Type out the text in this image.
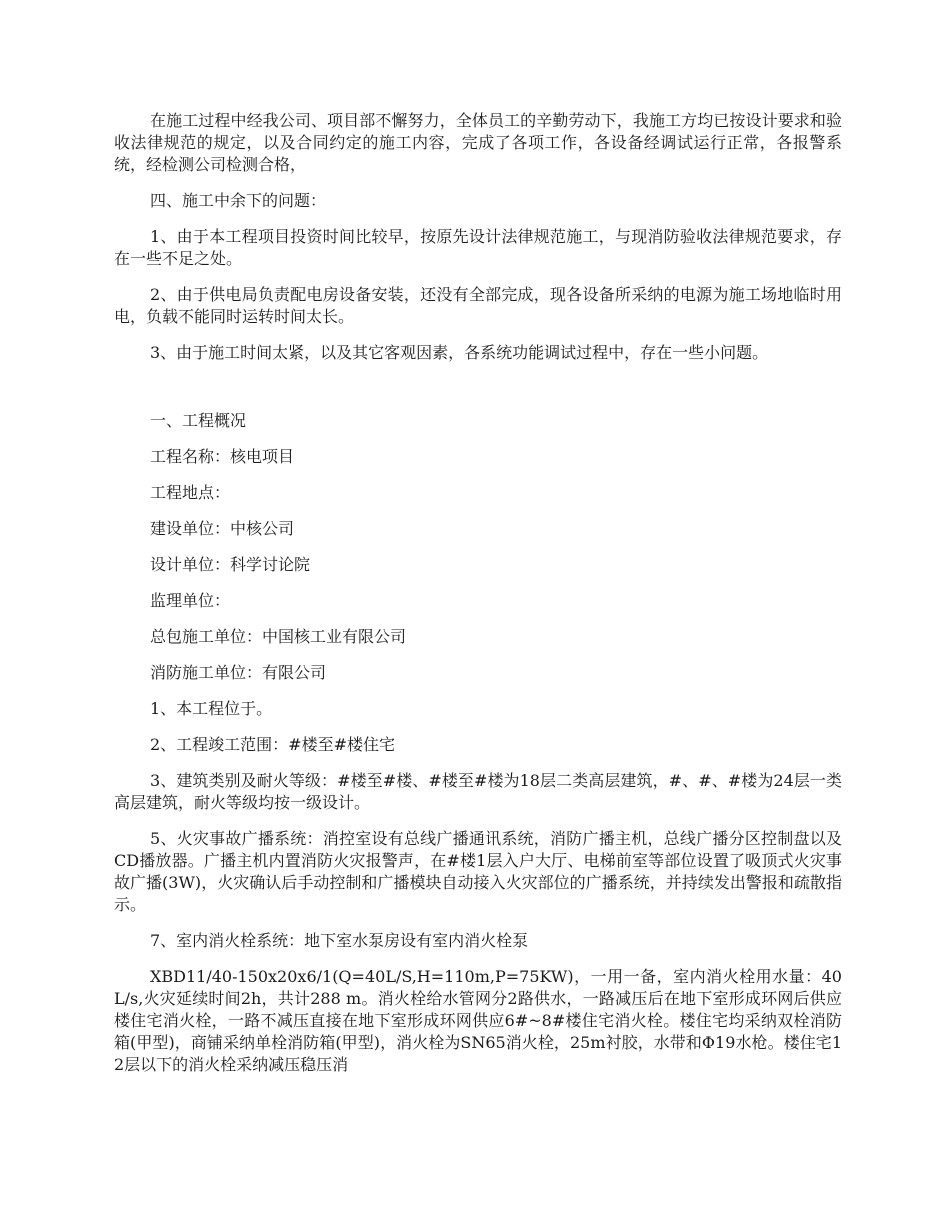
在施工过程中经我公司、项目部不懈努力，全体员工的辛勤劳动下，我施工方均已按设计要求和验收法律规范的规定，以及合同约定的施工内容，完成了各项工作，各设备经调试运行正常，各报警系统，经检测公司检测合格，

四、施工中余下的问题：

1、由于本工程项目投资时间比较早，按原先设计法律规范施工，与现消防验收法律规范要求，存在一些不足之处。

2、由于供电局负责配电房设备安装，还没有全部完成，现各设备所采纳的电源为施工场地临时用电，负载不能同时运转时间太长。

3、由于施工时间太紧，以及其它客观因素，各系统功能调试过程中，存在一些小问题。

一、工程概况

工程名称：核电项目

工程地点：

建设单位：中核公司

设计单位：科学讨论院

监理单位：

总包施工单位：中国核工业有限公司

消防施工单位：有限公司

1、本工程位于。

2、工程竣工范围：#楼至#楼住宅

3、建筑类别及耐火等级：#楼至#楼、#楼至#楼为18层二类高层建筑，#、#、#楼为24层一类高层建筑，耐火等级均按一级设计。

5、火灾事故广播系统：消控室设有总线广播通讯系统，消防广播主机，总线广播分区控制盘以及CD播放器。广播主机内置消防火灾报警声，在#楼1层入户大厅、电梯前室等部位设置了吸顶式火灾事故广播(3W)，火灾确认后手动控制和广播模块自动接入火灾部位的广播系统，并持续发出警报和疏散指示。

7、室内消火栓系统：地下室水泵房设有室内消火栓泵

XBD11/40-150x20x6/1(Q=40L/S,H=110m,P=75KW)，一用一备，室内消火栓用水量：40L/s,火灾延续时间2h，共计288 m。消火栓给水管网分2路供水，一路减压后在地下室形成环网后供应楼住宅消火栓，一路不减压直接在地下室形成环网供应6#~8#楼住宅消火栓。楼住宅均采纳双栓消防箱(甲型)，商铺采纳单栓消防箱(甲型)，消火栓为SN65消火栓，25m衬胶，水带和Φ19水枪。楼住宅12层以下的消火栓采纳减压稳压消
